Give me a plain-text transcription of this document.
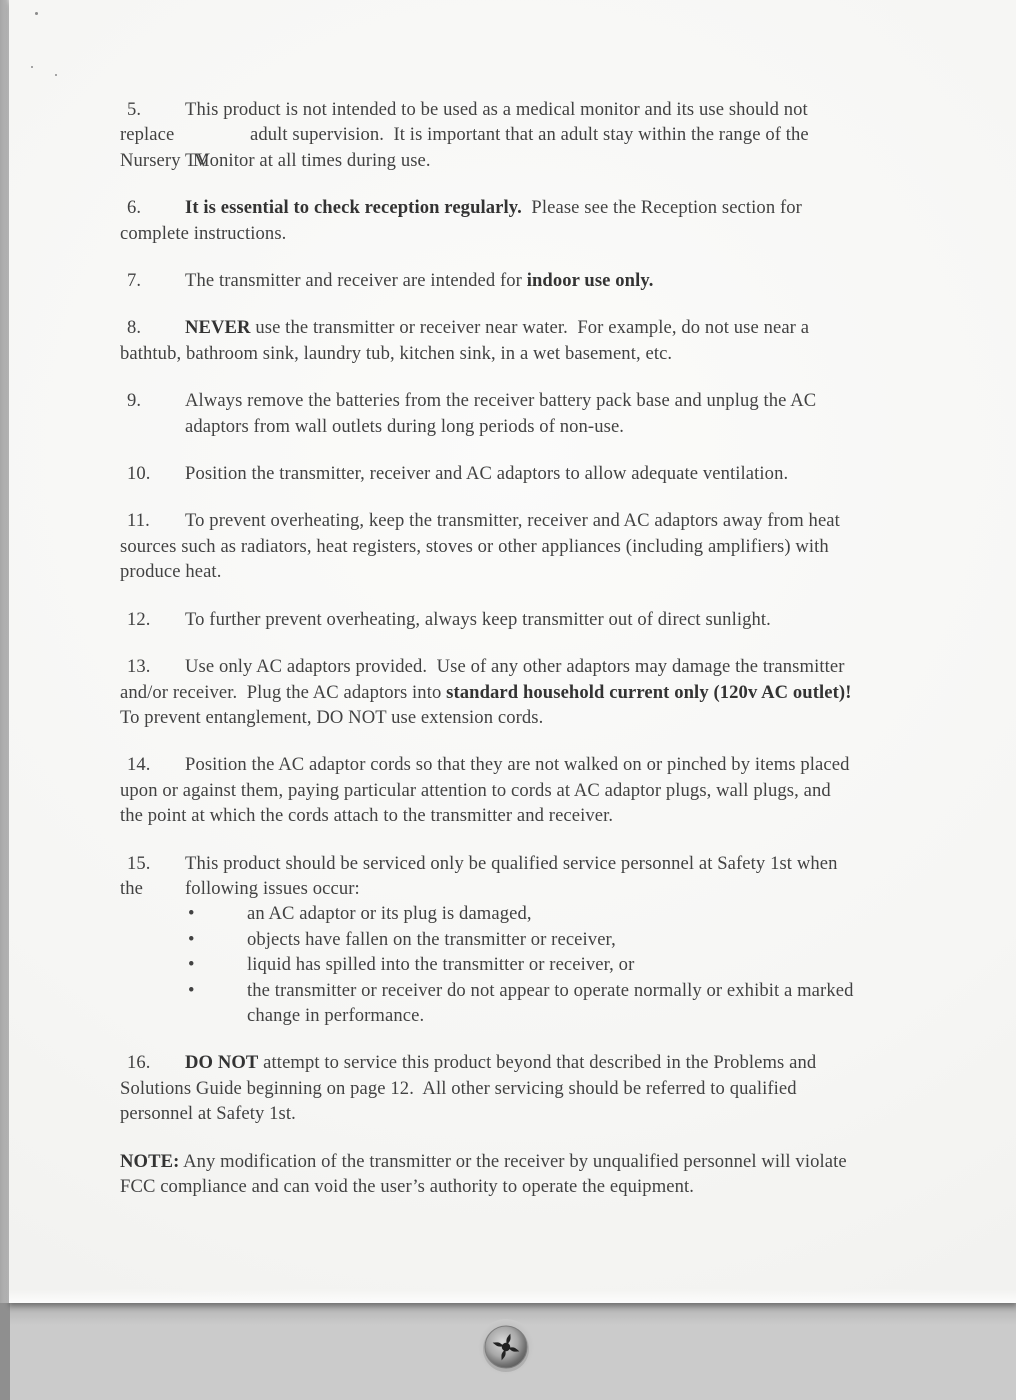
5. This product is not intended to be used as a medical monitor and its use should not
replace	adult supervision.  It is important that an adult stay within the range of the
Nursery TVMonitor at all times during use.
6. It is essential to check reception regularly.  Please see the Reception section for
complete instructions.
7. The transmitter and receiver are intended for indoor use only.
8. NEVER use the transmitter or receiver near water.  For example, do not use near a
bathtub, bathroom sink, laundry tub, kitchen sink, in a wet basement, etc.
9. Always remove the batteries from the receiver battery pack base and unplug the AC
adaptors from wall outlets during long periods of non-use.
10. Position the transmitter, receiver and AC adaptors to allow adequate ventilation.
11. To prevent overheating, keep the transmitter, receiver and AC adaptors away from heat
sources such as radiators, heat registers, stoves or other appliances (including amplifiers) with
produce heat.
12. To further prevent overheating, always keep transmitter out of direct sunlight.
13. Use only AC adaptors provided.  Use of any other adaptors may damage the transmitter
and/or receiver.  Plug the AC adaptors into standard household current only (120v AC outlet)!
To prevent entanglement, DO NOT use extension cords.
14. Position the AC adaptor cords so that they are not walked on or pinched by items placed
upon or against them, paying particular attention to cords at AC adaptor plugs, wall plugs, and
the point at which the cords attach to the transmitter and receiver.
15. This product should be serviced only be qualified service personnel at Safety 1st when
the following issues occur:
•	an AC adaptor or its plug is damaged,
•	objects have fallen on the transmitter or receiver,
•	liquid has spilled into the transmitter or receiver, or
•	the transmitter or receiver do not appear to operate normally or exhibit a marked
change in performance.
16. DO NOT attempt to service this product beyond that described in the Problems and
Solutions Guide beginning on page 12.  All other servicing should be referred to qualified
personnel at Safety 1st.
NOTE: Any modification of the transmitter or the receiver by unqualified personnel will violate
FCC compliance and can void the user’s authority to operate the equipment.
